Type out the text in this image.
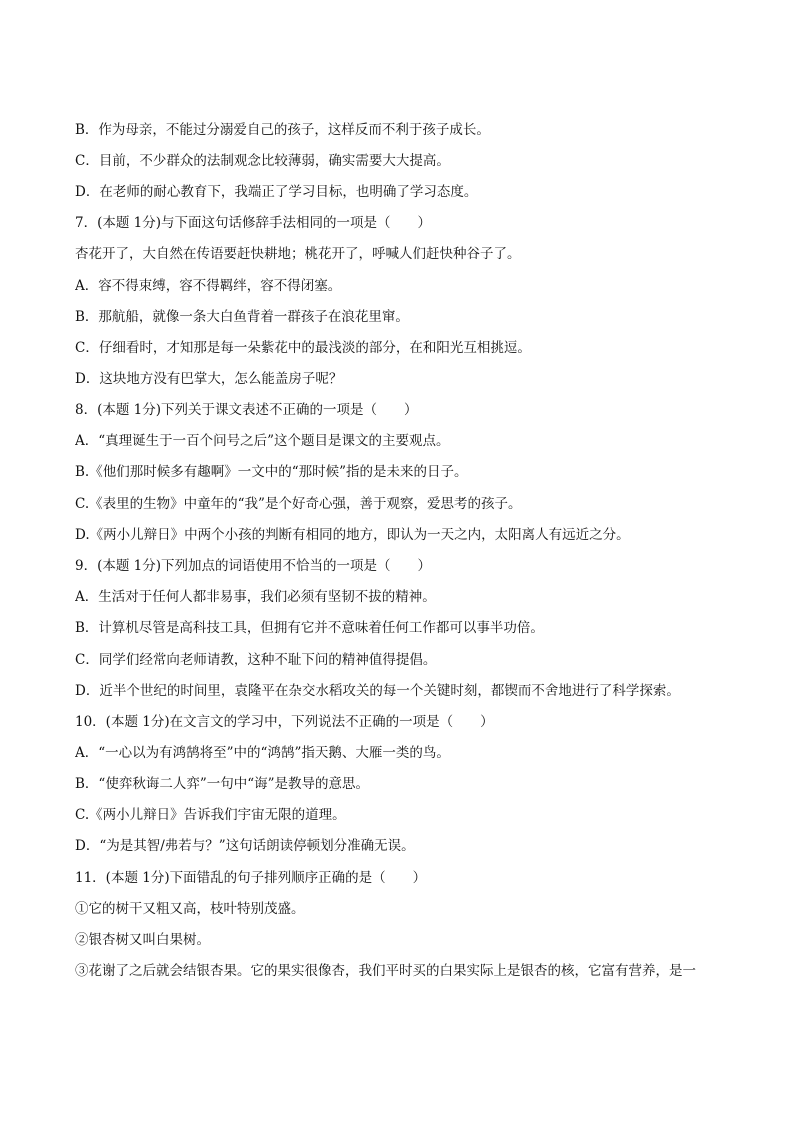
B．作为母亲，不能过分溺爱自己的孩子，这样反而不利于孩子成长。
C．目前，不少群众的法制观念比较薄弱，确实需要大大提高。
D．在老师的耐心教育下，我端正了学习目标，也明确了学习态度。
7．(本题 1分)与下面这句话修辞手法相同的一项是（　　）
杏花开了，大自然在传语要赶快耕地；桃花开了，呼喊人们赶快种谷子了。
A．容不得束缚，容不得羁绊，容不得闭塞。
B．那航船，就像一条大白鱼背着一群孩子在浪花里窜。
C．仔细看时，才知那是每一朵紫花中的最浅淡的部分，在和阳光互相挑逗。
D．这块地方没有巴掌大，怎么能盖房子呢？
8．(本题 1分)下列关于课文表述不正确的一项是（　　）
A．“真理诞生于一百个问号之后”这个题目是课文的主要观点。
B.《他们那时候多有趣啊》一文中的“那时候”指的是未来的日子。
C.《表里的生物》中童年的“我”是个好奇心强，善于观察，爱思考的孩子。
D.《两小儿辩日》中两个小孩的判断有相同的地方，即认为一天之内，太阳离人有远近之分。
9．(本题 1分)下列加点的词语使用不恰当的一项是（　　）
A．生活对于任何人都非易事，我们必须有坚韧不拔的精神。
B．计算机尽管是高科技工具，但拥有它并不意味着任何工作都可以事半功倍。
C．同学们经常向老师请教，这种不耻下问的精神值得提倡。
D．近半个世纪的时间里，袁隆平在杂交水稻攻关的每一个关键时刻，都锲而不舍地进行了科学探索。
10．(本题 1分)在文言文的学习中，下列说法不正确的一项是（　　）
A．“一心以为有鸿鹄将至”中的“鸿鹄”指天鹅、大雁一类的鸟。
B．“使弈秋诲二人弈”一句中“诲”是教导的意思。
C.《两小儿辩日》告诉我们宇宙无限的道理。
D．“为是其智/弗若与？”这句话朗读停顿划分准确无误。
11．(本题 1分)下面错乱的句子排列顺序正确的是（　　）
①它的树干又粗又高，枝叶特别茂盛。
②银杏树又叫白果树。
③花谢了之后就会结银杏果。它的果实很像杏，我们平时买的白果实际上是银杏的核，它富有营养，是一
